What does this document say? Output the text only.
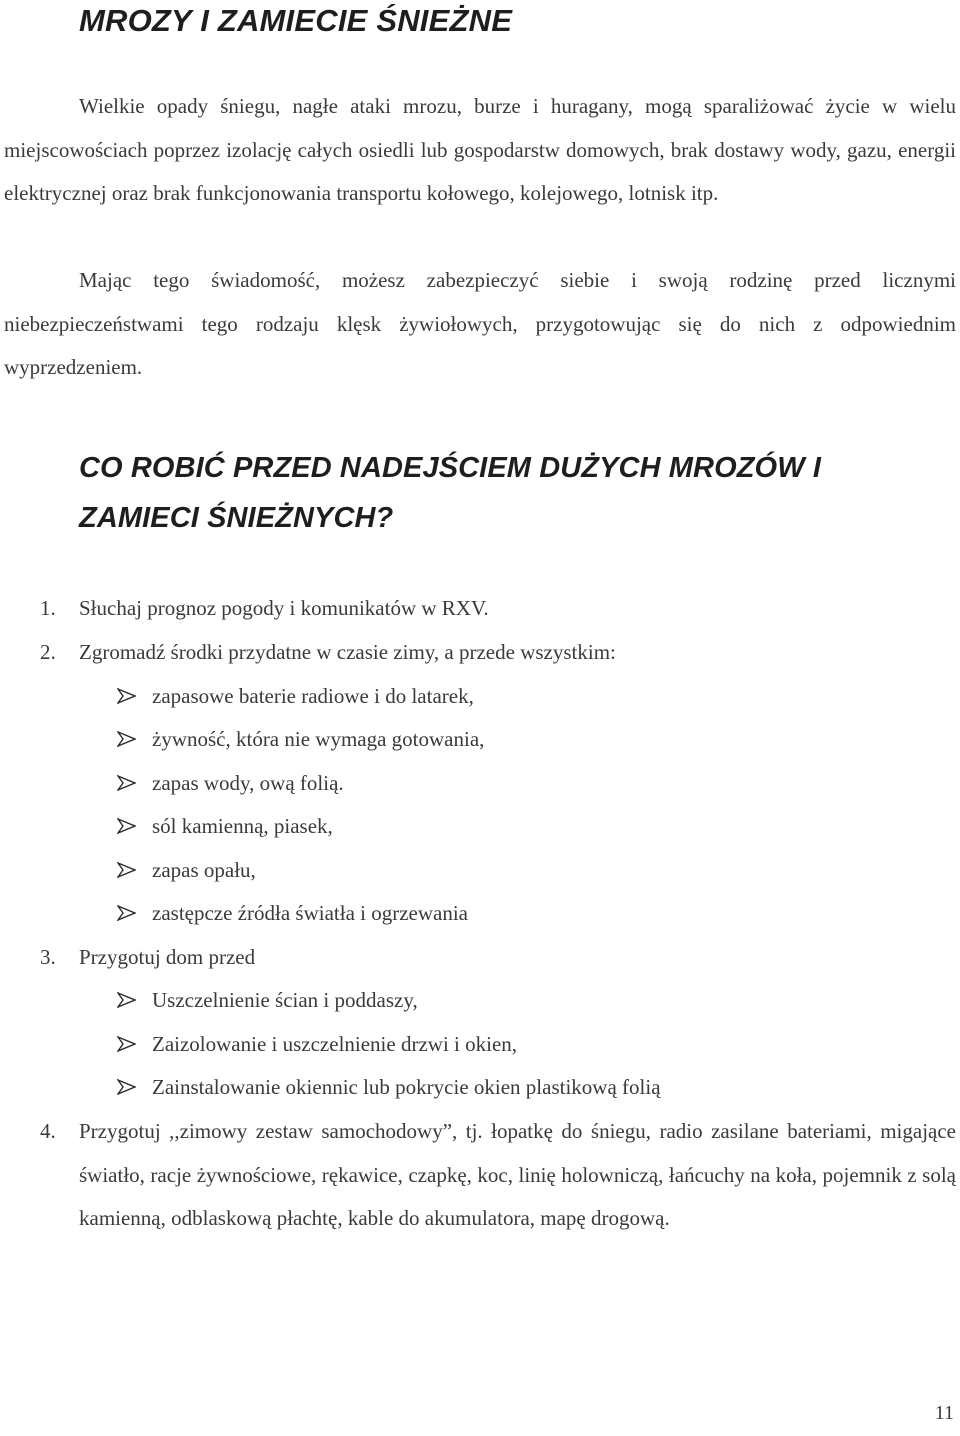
MROZY I ZAMIECIE ŚNIEŻNE

Wielkie opady śniegu, nagłe ataki mrozu, burze i huragany, mogą sparaliżować życie w wielu miejscowościach poprzez izolację całych osiedli lub gospodarstw domowych, brak dostawy wody, gazu, energii elektrycznej oraz brak funkcjonowania transportu kołowego, kolejowego, lotnisk itp.

Mając tego świadomość, możesz zabezpieczyć siebie i swoją rodzinę przed licznymi niebezpieczeństwami tego rodzaju klęsk żywiołowych, przygotowując się do nich z odpowiednim wyprzedzeniem.

CO ROBIĆ PRZED NADEJŚCIEM DUŻYCH MROZÓW I ZAMIECI ŚNIEŻNYCH?
1. Słuchaj prognoz pogody i komunikatów w RXV.
2. Zgromadź środki przydatne w czasie zimy, a przede wszystkim:
zapasowe baterie radiowe i do latarek,
żywność, która nie wymaga gotowania,
zapas wody, ową folią.
sól kamienną, piasek,
zapas opału,
zastępcze źródła światła i ogrzewania
3. Przygotuj dom przed
Uszczelnienie ścian i poddaszy,
Zaizolowanie i uszczelnienie drzwi i okien,
Zainstalowanie okiennic lub pokrycie okien plastikową folią
4. Przygotuj ,,zimowy zestaw samochodowy”, tj. łopatkę do śniegu, radio zasilane bateriami, migające światło, racje żywnościowe, rękawice, czapkę, koc, linię holowniczą, łańcuchy na koła, pojemnik z solą kamienną, odblaskową płachtę, kable do akumulatora, mapę drogową.

11
